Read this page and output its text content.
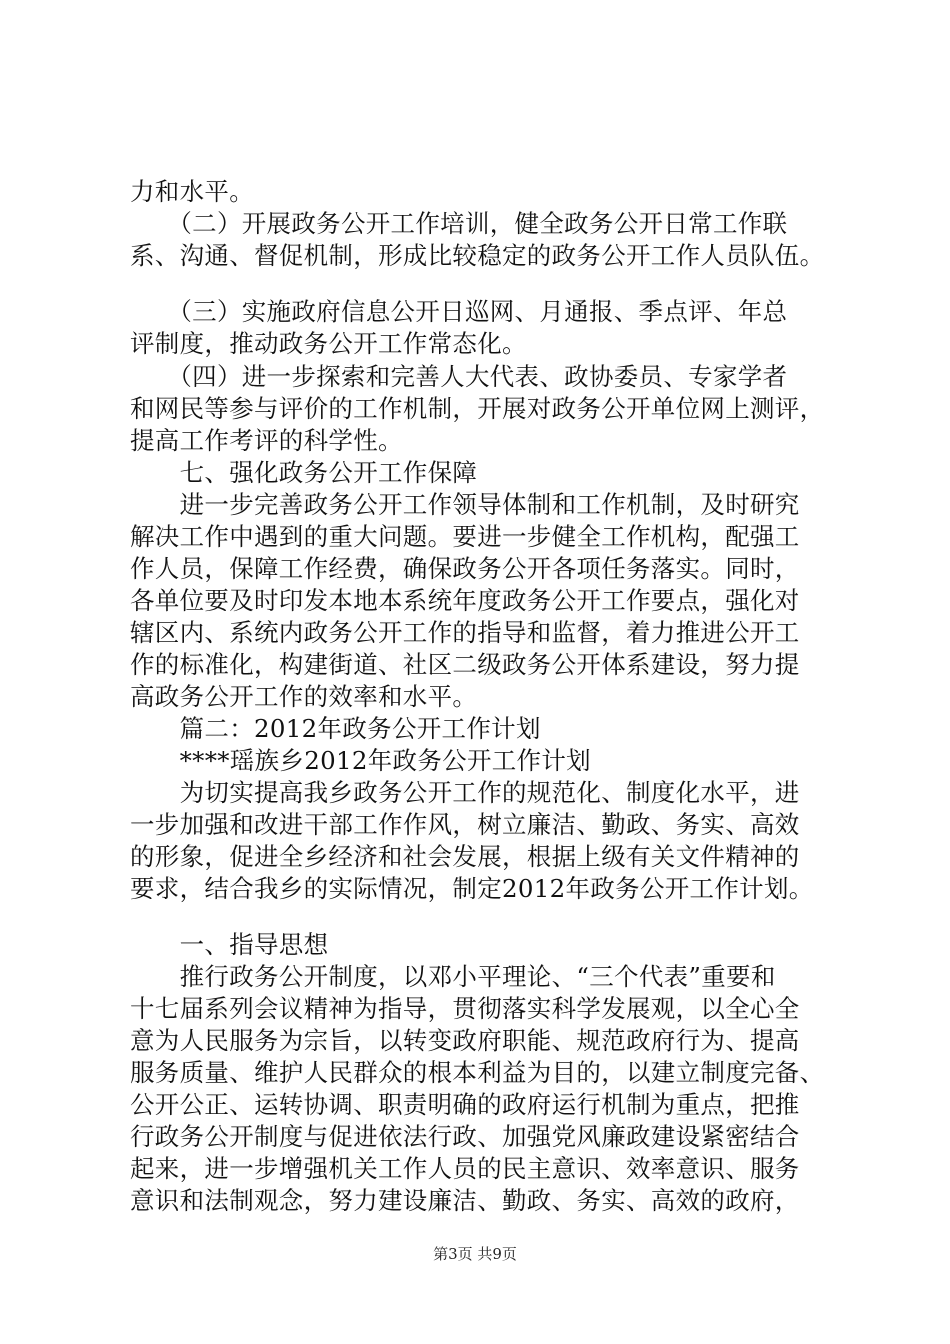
力和水平。
　　（二）开展政务公开工作培训，健全政务公开日常工作联
系、沟通、督促机制，形成比较稳定的政务公开工作人员队伍。
　　（三）实施政府信息公开日巡网、月通报、季点评、年总
评制度，推动政务公开工作常态化。
　　（四）进一步探索和完善人大代表、政协委员、专家学者
和网民等参与评价的工作机制，开展对政务公开单位网上测评，
提高工作考评的科学性。
　　七、强化政务公开工作保障
　　进一步完善政务公开工作领导体制和工作机制，及时研究
解决工作中遇到的重大问题。要进一步健全工作机构，配强工
作人员，保障工作经费，确保政务公开各项任务落实。同时，
各单位要及时印发本地本系统年度政务公开工作要点，强化对
辖区内、系统内政务公开工作的指导和监督，着力推进公开工
作的标准化，构建街道、社区二级政务公开体系建设，努力提
高政务公开工作的效率和水平。
　　篇二：2012年政务公开工作计划
　　****瑶族乡2012年政务公开工作计划
　　为切实提高我乡政务公开工作的规范化、制度化水平，进
一步加强和改进干部工作作风，树立廉洁、勤政、务实、高效
的形象，促进全乡经济和社会发展，根据上级有关文件精神的
要求，结合我乡的实际情况，制定2012年政务公开工作计划。
　　一、指导思想
　　推行政务公开制度，以邓小平理论、“三个代表”重要和
十七届系列会议精神为指导，贯彻落实科学发展观，以全心全
意为人民服务为宗旨，以转变政府职能、规范政府行为、提高
服务质量、维护人民群众的根本利益为目的，以建立制度完备、
公开公正、运转协调、职责明确的政府运行机制为重点，把推
行政务公开制度与促进依法行政、加强党风廉政建设紧密结合
起来，进一步增强机关工作人员的民主意识、效率意识、服务
意识和法制观念，努力建设廉洁、勤政、务实、高效的政府，
第3页 共9页
